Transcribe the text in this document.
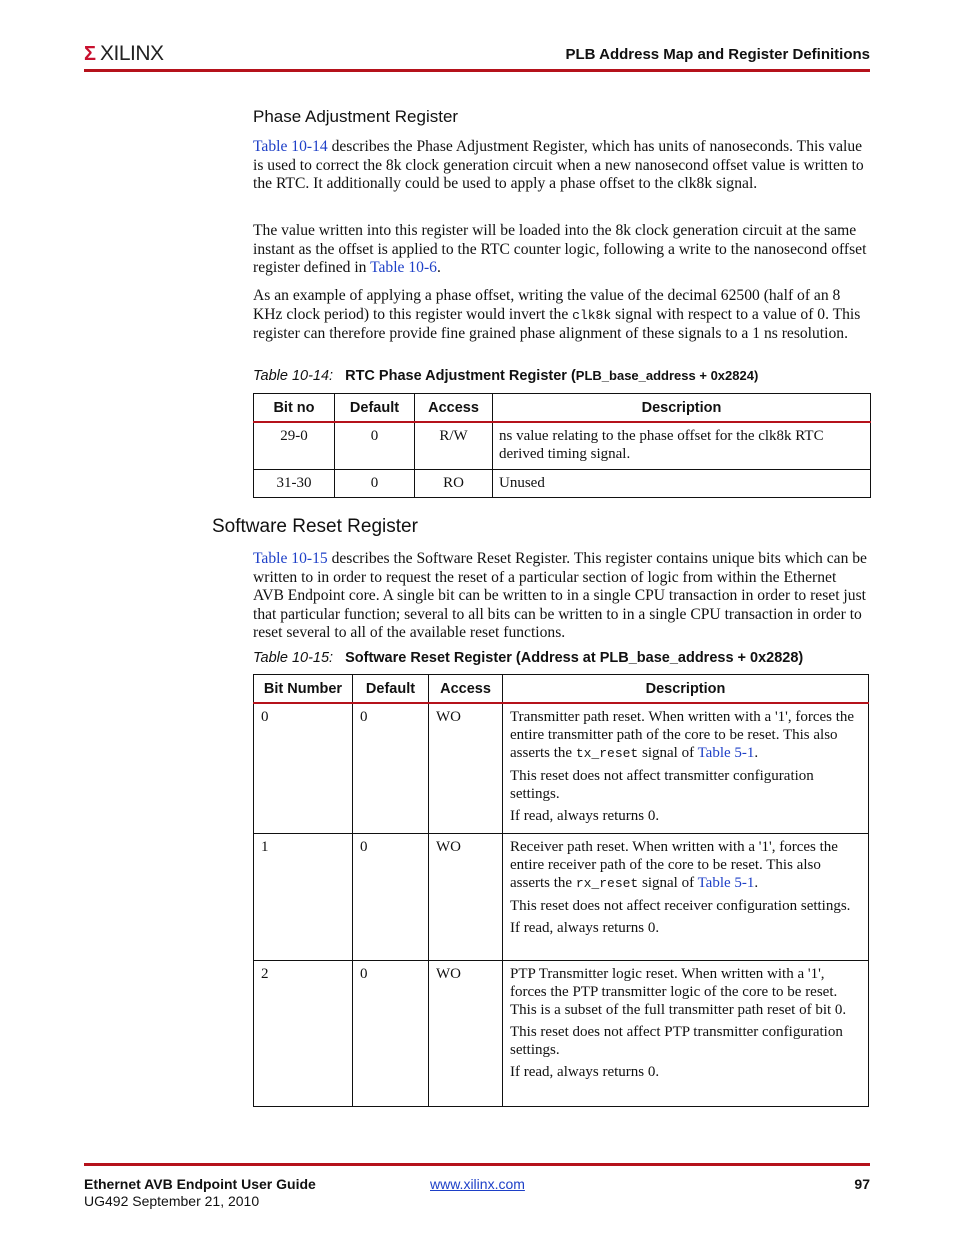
Σ XILINX	PLB Address Map and Register Definitions
Phase Adjustment Register

Table 10-14 describes the Phase Adjustment Register, which has units of nanoseconds. This value is used to correct the 8k clock generation circuit when a new nanosecond offset value is written to the RTC. It additionally could be used to apply a phase offset to the clk8k signal.

The value written into this register will be loaded into the 8k clock generation circuit at the same instant as the offset is applied to the RTC counter logic, following a write to the nanosecond offset register defined in Table 10-6.

As an example of applying a phase offset, writing the value of the decimal 62500 (half of an 8 KHz clock period) to this register would invert the clk8k signal with respect to a value of 0. This register can therefore provide fine grained phase alignment of these signals to a 1 ns resolution.

Table 10-14: RTC Phase Adjustment Register (PLB_base_address + 0x2824)
Bit no	Default	Access	Description
29-0	0	R/W	ns value relating to the phase offset for the clk8k RTC derived timing signal.
31-30	0	RO	Unused
Software Reset Register

Table 10-15 describes the Software Reset Register. This register contains unique bits which can be written to in order to request the reset of a particular section of logic from within the Ethernet AVB Endpoint core. A single bit can be written to in a single CPU transaction in order to reset just that particular function; several to all bits can be written to in a single CPU transaction in order to reset several to all of the available reset functions.

Table 10-15: Software Reset Register (Address at PLB_base_address + 0x2828)
Bit Number	Default	Access	Description
0	0	WO	Transmitter path reset. When written with a '1', forces the entire transmitter path of the core to be reset. This also asserts the tx_reset signal of Table 5-1.

This reset does not affect transmitter configuration settings.

If read, always returns 0.

1	0	WO	Receiver path reset. When written with a '1', forces the entire receiver path of the core to be reset. This also asserts the rx_reset signal of Table 5-1.

This reset does not affect receiver configuration settings.

If read, always returns 0.

2	0	WO	PTP Transmitter logic reset. When written with a '1', forces the PTP transmitter logic of the core to be reset. This is a subset of the full transmitter path reset of bit 0.

This reset does not affect PTP transmitter configuration settings.

If read, always returns 0.

Ethernet AVB Endpoint User Guide
UG492 September 21, 2010
www.xilinx.com	97
